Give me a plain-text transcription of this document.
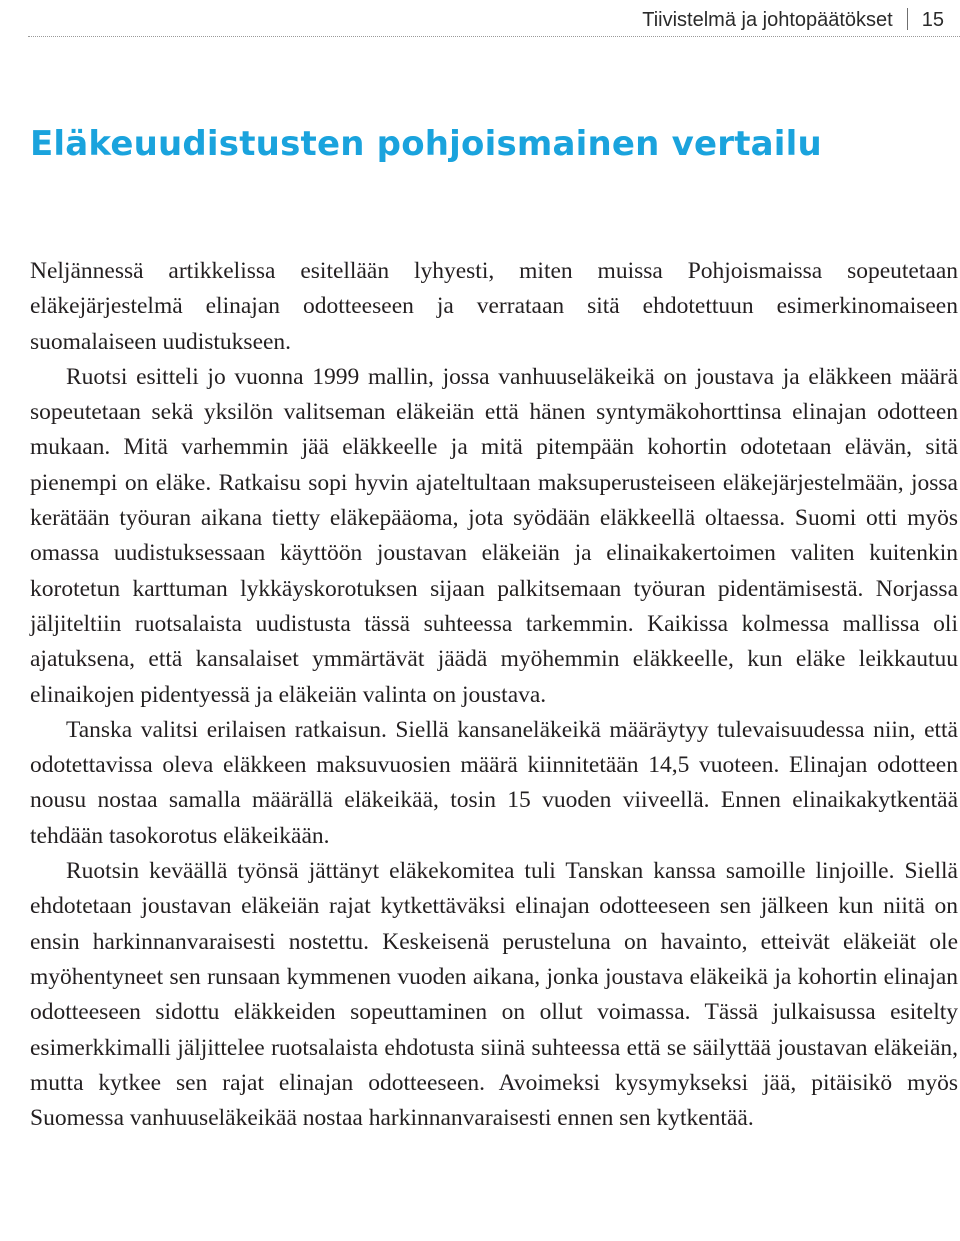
Tiivistelmä ja johtopäätökset 15
Eläkeuudistusten pohjoismainen vertailu

Neljännessä artikkelissa esitellään lyhyesti, miten muissa Pohjoismaissa sopeutetaan eläkejärjestelmä elinajan odotteeseen ja verrataan sitä ehdotettuun esimerkinomaiseen suomalaiseen uudistukseen.

Ruotsi esitteli jo vuonna 1999 mallin, jossa vanhuuseläkeikä on joustava ja eläkkeen määrä sopeutetaan sekä yksilön valitseman eläkeiän että hänen syntymäkohorttinsa elinajan odotteen mukaan. Mitä varhemmin jää eläkkeelle ja mitä pitempään kohortin odotetaan elävän, sitä pienempi on eläke. Ratkaisu sopi hyvin ajateltultaan maksuperusteiseen eläkejärjestelmään, jossa kerätään työuran aikana tietty eläkepääoma, jota syödään eläkkeellä oltaessa. Suomi otti myös omassa uudistuksessaan käyttöön joustavan eläkeiän ja elinaikakertoimen valiten kuitenkin korotetun karttuman lykkäyskorotuksen sijaan palkitsemaan työuran pidentämisestä. Norjassa jäljiteltiin ruotsalaista uudistusta tässä suhteessa tarkemmin. Kaikissa kolmessa mallissa oli ajatuksena, että kansalaiset ymmärtävät jäädä myöhemmin eläkkeelle, kun eläke leikkautuu elinaikojen pidentyessä ja eläkeiän valinta on joustava.

Tanska valitsi erilaisen ratkaisun. Siellä kansaneläkeikä määräytyy tulevaisuudessa niin, että odotettavissa oleva eläkkeen maksuvuosien määrä kiinnitetään 14,5 vuoteen. Elinajan odotteen nousu nostaa samalla määrällä eläkeikää, tosin 15 vuoden viiveellä. Ennen elinaikakytkentää tehdään tasokorotus eläkeikään.

Ruotsin keväällä työnsä jättänyt eläkekomitea tuli Tanskan kanssa samoille linjoille. Siellä ehdotetaan joustavan eläkeiän rajat kytkettäväksi elinajan odotteeseen sen jälkeen kun niitä on ensin harkinnanvaraisesti nostettu. Keskeisenä perusteluna on havainto, etteivät eläkeiät ole myöhentyneet sen runsaan kymmenen vuoden aikana, jonka joustava eläkeikä ja kohortin elinajan odotteeseen sidottu eläkkeiden sopeuttaminen on ollut voimassa. Tässä julkaisussa esitelty esimerkkimalli jäljittelee ruotsalaista ehdotusta siinä suhteessa että se säilyttää joustavan eläkeiän, mutta kytkee sen rajat elinajan odotteeseen. Avoimeksi kysymykseksi jää, pitäisikö myös Suomessa vanhuuseläkeikää nostaa harkinnanvaraisesti ennen sen kytkentää.
